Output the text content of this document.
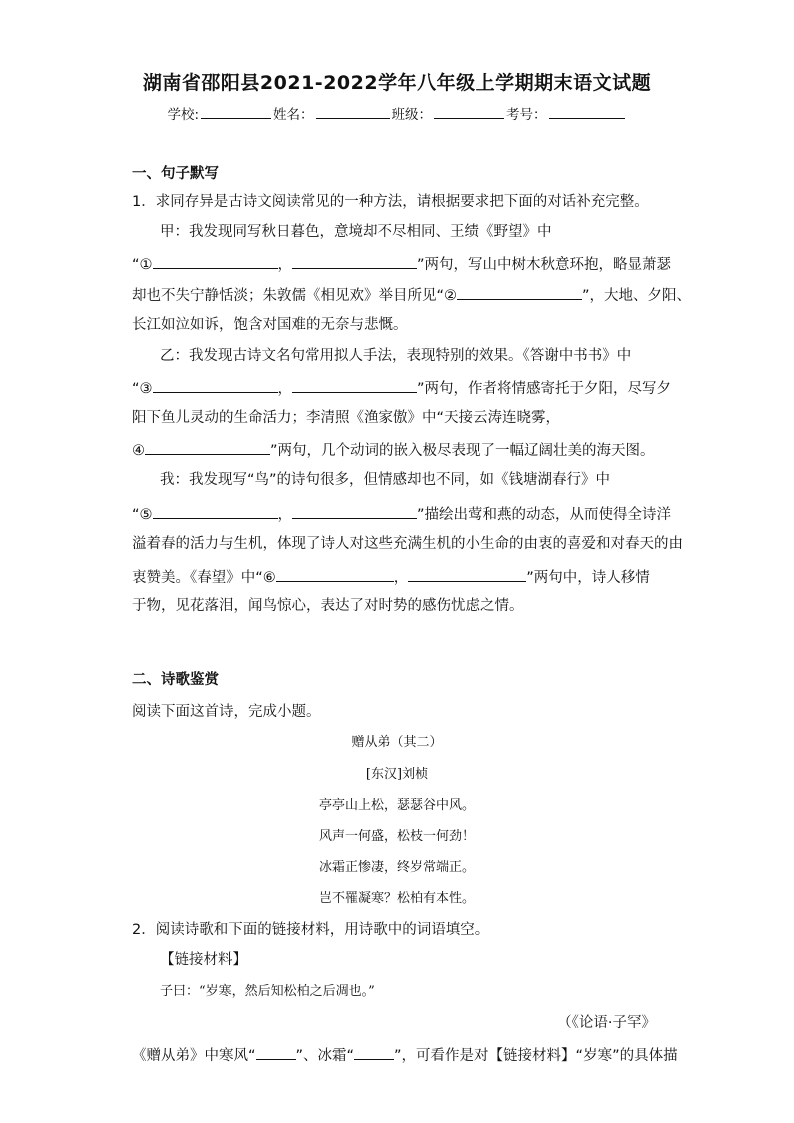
湖南省邵阳县2021-2022学年八年级上学期期末语文试题
学校:	姓名：	班级：	考号：
一、句子默写
1．求同存异是古诗文阅读常见的一种方法，请根据要求把下面的对话补充完整。
甲：我发现同写秋日暮色，意境却不尽相同、王绩《野望》中
“①	，	”两句，写山中树木秋意环抱，略显萧瑟
却也不失宁静恬淡；朱敦儒《相见欢》举目所见“②	”，大地、夕阳、
长江如泣如诉，饱含对国难的无奈与悲慨。
乙：我发现古诗文名句常用拟人手法，表现特别的效果。《答谢中书书》中
“③	，	”两句，作者将情感寄托于夕阳，尽写夕
阳下鱼儿灵动的生命活力；李清照《渔家傲》中“天接云涛连晓雾，
④	”两句，几个动词的嵌入极尽表现了一幅辽阔壮美的海天图。
我：我发现写“鸟”的诗句很多，但情感却也不同，如《钱塘湖春行》中
“⑤	，	”描绘出莺和燕的动态，从而使得全诗洋
溢着春的活力与生机，体现了诗人对这些充满生机的小生命的由衷的喜爱和对春天的由
衷赞美。《春望》中“⑥	，	”两句中，诗人移情
于物，见花落泪，闻鸟惊心，表达了对时势的感伤忧虑之情。
二、诗歌鉴赏
阅读下面这首诗，完成小题。
赠从弟（其二）
[东汉]刘桢
亭亭山上松，瑟瑟谷中风。
风声一何盛，松枝一何劲！
冰霜正惨凄，终岁常端正。
岂不罹凝寒？松柏有本性。
2．阅读诗歌和下面的链接材料，用诗歌中的词语填空。
【链接材料】
子曰：“岁寒，然后知松柏之后凋也。”
（《论语·子罕》
《赠从弟》中寒风“	”、冰霜“	”，可看作是对【链接材料】“岁寒”的具体描
